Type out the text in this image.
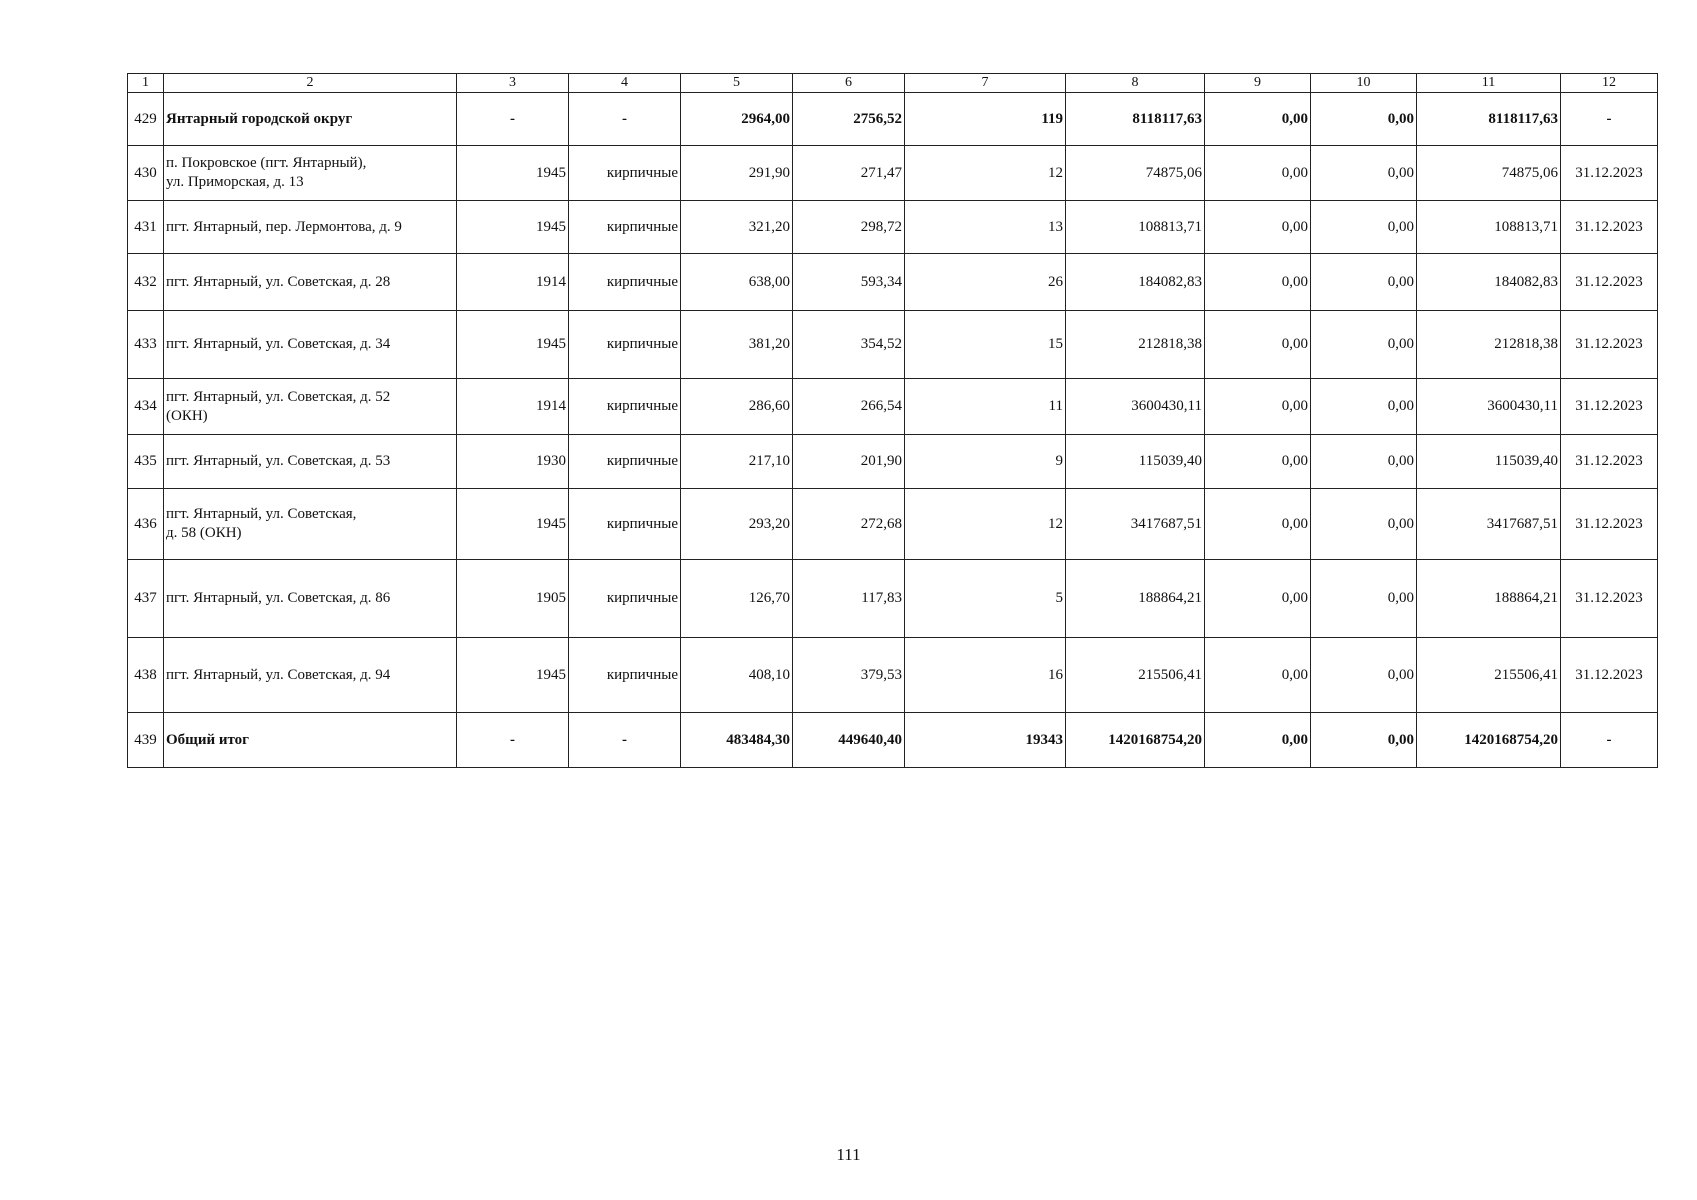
1	2	3	4	5	6	7	8	9	10	11	12
429	Янтарный городской округ	-	-	2964,00	2756,52	119	8118117,63	0,00	0,00	8118117,63	-
430	п. Покровское (пгт. Янтарный),
ул. Приморская, д. 13	1945	кирпичные	291,90	271,47	12	74875,06	0,00	0,00	74875,06	31.12.2023
431	пгт. Янтарный, пер. Лермонтова, д. 9	1945	кирпичные	321,20	298,72	13	108813,71	0,00	0,00	108813,71	31.12.2023
432	пгт. Янтарный, ул. Советская, д. 28	1914	кирпичные	638,00	593,34	26	184082,83	0,00	0,00	184082,83	31.12.2023
433	пгт. Янтарный, ул. Советская, д. 34	1945	кирпичные	381,20	354,52	15	212818,38	0,00	0,00	212818,38	31.12.2023
434	пгт. Янтарный, ул. Советская, д. 52
(ОКН)	1914	кирпичные	286,60	266,54	11	3600430,11	0,00	0,00	3600430,11	31.12.2023
435	пгт. Янтарный, ул. Советская, д. 53	1930	кирпичные	217,10	201,90	9	115039,40	0,00	0,00	115039,40	31.12.2023
436	пгт. Янтарный, ул. Советская,
д. 58 (ОКН)	1945	кирпичные	293,20	272,68	12	3417687,51	0,00	0,00	3417687,51	31.12.2023
437	пгт. Янтарный, ул. Советская, д. 86	1905	кирпичные	126,70	117,83	5	188864,21	0,00	0,00	188864,21	31.12.2023
438	пгт. Янтарный, ул. Советская, д. 94	1945	кирпичные	408,10	379,53	16	215506,41	0,00	0,00	215506,41	31.12.2023
439	Общий итог	-	-	483484,30	449640,40	19343	1420168754,20	0,00	0,00	1420168754,20	-
111
